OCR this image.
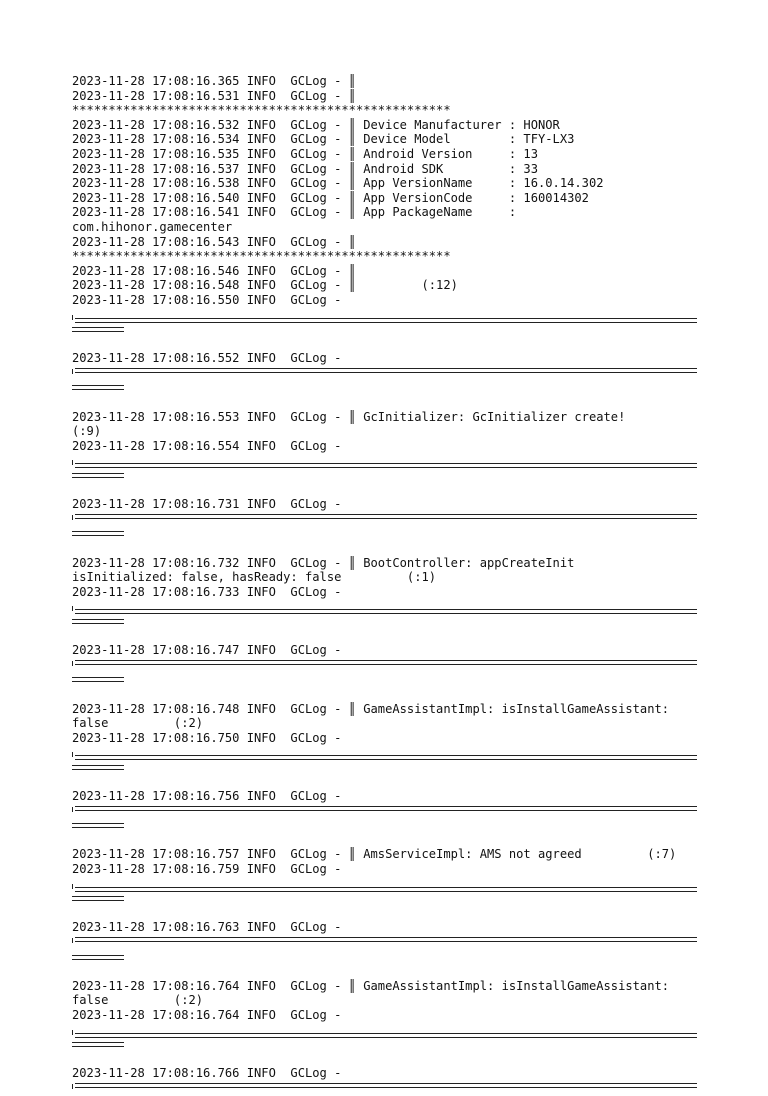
2023-11-28 17:08:16.365 INFO  GCLog - ║
2023-11-28 17:08:16.531 INFO  GCLog - ║
****************************************************
2023-11-28 17:08:16.532 INFO  GCLog - ║ Device Manufacturer : HONOR
2023-11-28 17:08:16.534 INFO  GCLog - ║ Device Model        : TFY-LX3
2023-11-28 17:08:16.535 INFO  GCLog - ║ Android Version     : 13
2023-11-28 17:08:16.537 INFO  GCLog - ║ Android SDK         : 33
2023-11-28 17:08:16.538 INFO  GCLog - ║ App VersionName     : 16.0.14.302
2023-11-28 17:08:16.540 INFO  GCLog - ║ App VersionCode     : 160014302
2023-11-28 17:08:16.541 INFO  GCLog - ║ App PackageName     :
com.hihonor.gamecenter
2023-11-28 17:08:16.543 INFO  GCLog - ║
****************************************************
2023-11-28 17:08:16.546 INFO  GCLog - ║
2023-11-28 17:08:16.548 INFO  GCLog - ║         (:12)
2023-11-28 17:08:16.550 INFO  GCLog -
2023-11-28 17:08:16.552 INFO  GCLog -
2023-11-28 17:08:16.553 INFO  GCLog - ║ GcInitializer: GcInitializer create!
(:9)
2023-11-28 17:08:16.554 INFO  GCLog -
2023-11-28 17:08:16.731 INFO  GCLog -
2023-11-28 17:08:16.732 INFO  GCLog - ║ BootController: appCreateInit
isInitialized: false, hasReady: false         (:1)
2023-11-28 17:08:16.733 INFO  GCLog -
2023-11-28 17:08:16.747 INFO  GCLog -
2023-11-28 17:08:16.748 INFO  GCLog - ║ GameAssistantImpl: isInstallGameAssistant:
false         (:2)
2023-11-28 17:08:16.750 INFO  GCLog -
2023-11-28 17:08:16.756 INFO  GCLog -
2023-11-28 17:08:16.757 INFO  GCLog - ║ AmsServiceImpl: AMS not agreed         (:7)
2023-11-28 17:08:16.759 INFO  GCLog -
2023-11-28 17:08:16.763 INFO  GCLog -
2023-11-28 17:08:16.764 INFO  GCLog - ║ GameAssistantImpl: isInstallGameAssistant:
false         (:2)
2023-11-28 17:08:16.764 INFO  GCLog -
2023-11-28 17:08:16.766 INFO  GCLog -
